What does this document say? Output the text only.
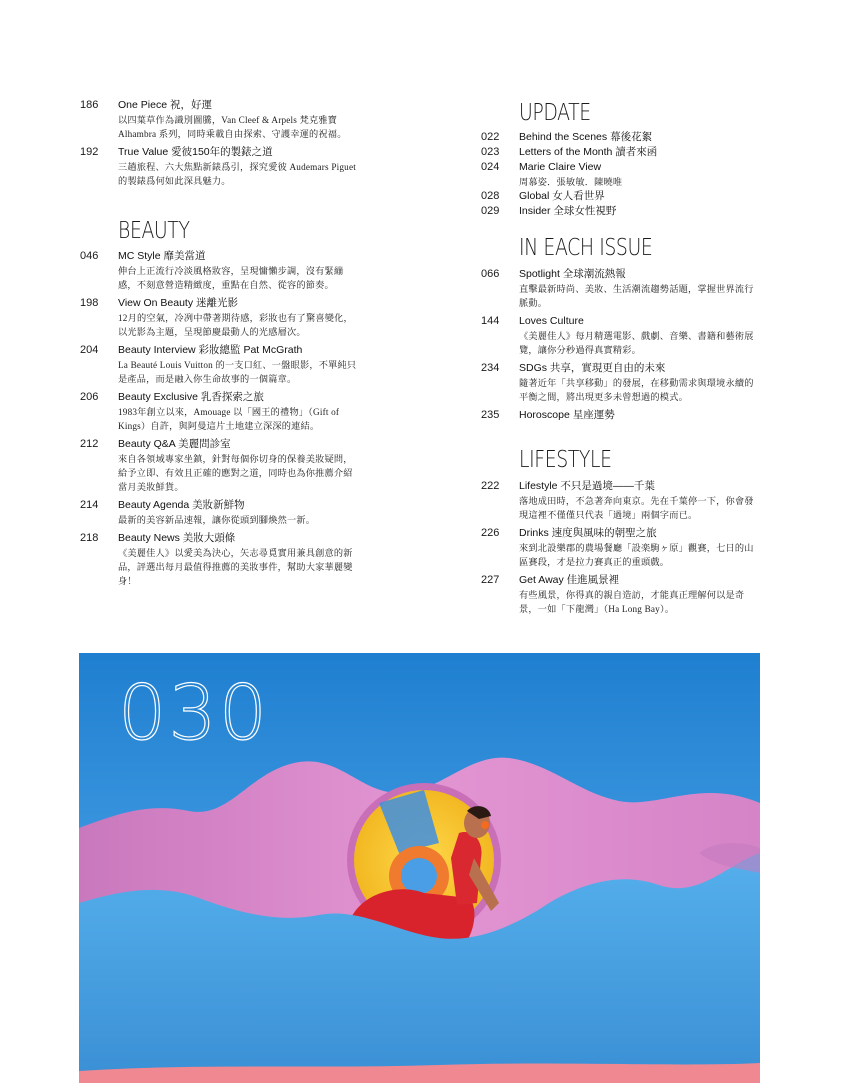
186 One Piece 祝，好運
以四葉草作為識別圖騰，Van Cleef & Arpels 梵克雅寶 Alhambra 系列，同時乘載自由探索、守護幸運的祝福。
192 True Value 愛彼150年的製錶之道
三趟旅程、六大焦點新錶爲引，探究愛彼 Audemars Piguet 的製錶爲何如此深具魅力。
BEAUTY
046 MC Style 靡美當道
伸台上正流行冷淡風格妝容，呈現慵懶步調，沒有緊繃感，不刻意營造精緻度，重點在自然、從容的節奏。
198 View On Beauty 迷離光影
12月的空氣，冷冽中帶著期待感，彩妝也有了驚喜變化，以光影為主題，呈現節慶最動人的光感層次。
204 Beauty Interview 彩妝總監 Pat McGrath
La Beauté Louis Vuitton 的一支口紅、一盤眼影，不單純只是產品，而是融入你生命故事的一個篇章。
206 Beauty Exclusive 乳香探索之旅
1983年創立以來，Amouage 以「國王的禮物」（Gift of Kings）自許，與阿曼這片土地建立深深的連結。
212 Beauty Q&A 美麗問診室
來自各領域專家坐鎮，針對每個你切身的保養美妝疑問，給予立即、有效且正確的應對之道，同時也為你推薦介紹當月美妝鮮貨。
214 Beauty Agenda 美妝新鮮物
最新的美容新品速報，讓你從頭到腳煥然一新。
218 Beauty News 美妝大頭條
《美麗佳人》以愛美為決心，矢志尋覓實用兼具創意的新品，評選出每月最值得推薦的美妝事件，幫助大家華麗變身！
UPDATE
022 Behind the Scenes 幕後花絮
023 Letters of the Month 讀者來函
024 Marie Claire View
周慕姿．張敏敏．陳曉唯
028 Global 女人看世界
029 Insider 全球女性視野
IN EACH ISSUE
066 Spotlight 全球潮流熱報
直擊最新時尚、美妝、生活潮流趨勢話題，掌握世界流行脈動。
144 Loves Culture
《美麗佳人》每月精選電影、戲劇、音樂、書籍和藝術展覽，讓你分秒過得真實精彩。
234 SDGs 共享，實現更自由的未來
隨著近年「共享移動」的發展，在移動需求與環境永續的平衡之間，將出現更多未曾想過的模式。
235 Horoscope 星座運勢
LIFESTYLE
222 Lifestyle 不只是過境——千葉
落地成田時，不急著奔向東京。先在千葉停一下，你會發現這裡不僅僅只代表「過境」兩個字而已。
226 Drinks 速度與風味的朝聖之旅
來到北設樂郡的農場餐廳「設楽駒ヶ原」觀賽，七日的山區賽段，才是拉力賽真正的重頭戲。
227 Get Away 佳進風景裡
有些風景，你得真的親自造訪，才能真正理解何以是奇景，一如「下龍灣」（Ha Long Bay）。
030
